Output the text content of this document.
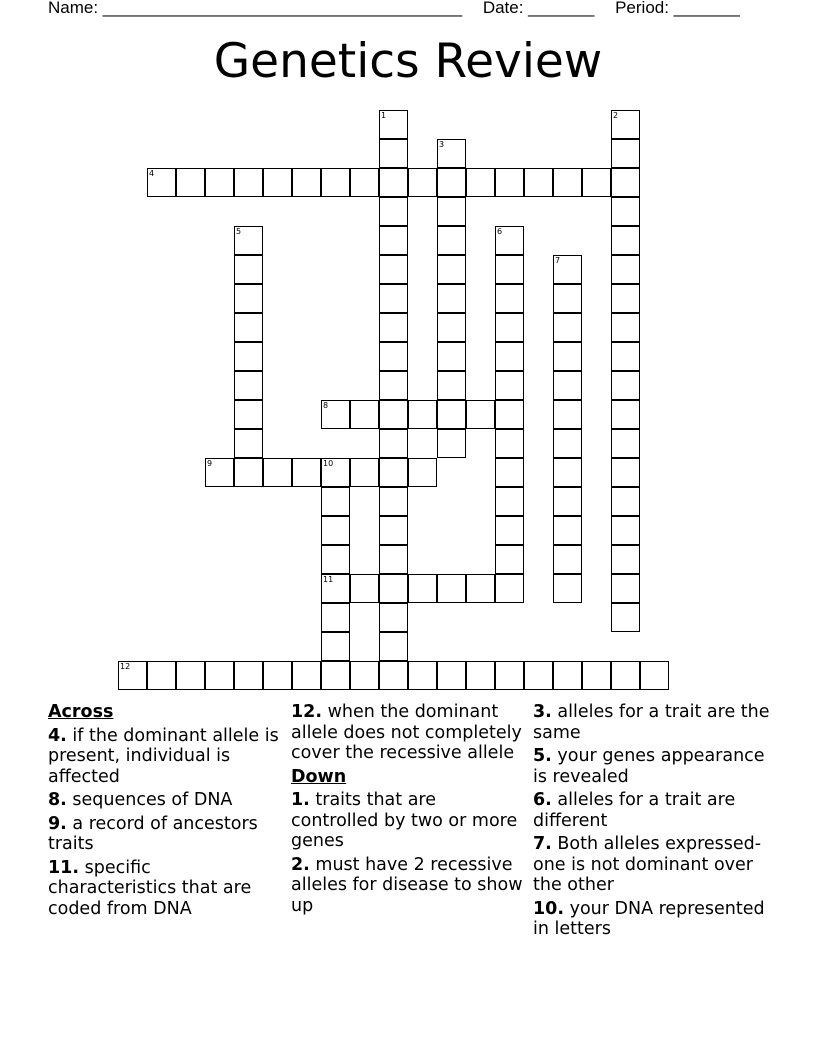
Name: ______________________________________ Date: _______ Period: _______
Genetics Review
1	2
3
4
5	6
7
8
9	10
11
12
Across
4. if the dominant allele is present, individual is affected
8. sequences of DNA
9. a record of ancestors traits
11. specific characteristics that are coded from DNA
12. when the dominant allele does not completely cover the recessive allele
Down
1. traits that are controlled by two or more genes
2. must have 2 recessive alleles for disease to show up
3. alleles for a trait are the same
5. your genes appearance is revealed
6. alleles for a trait are different
7. Both alleles expressed- one is not dominant over the other
10. your DNA represented in letters
